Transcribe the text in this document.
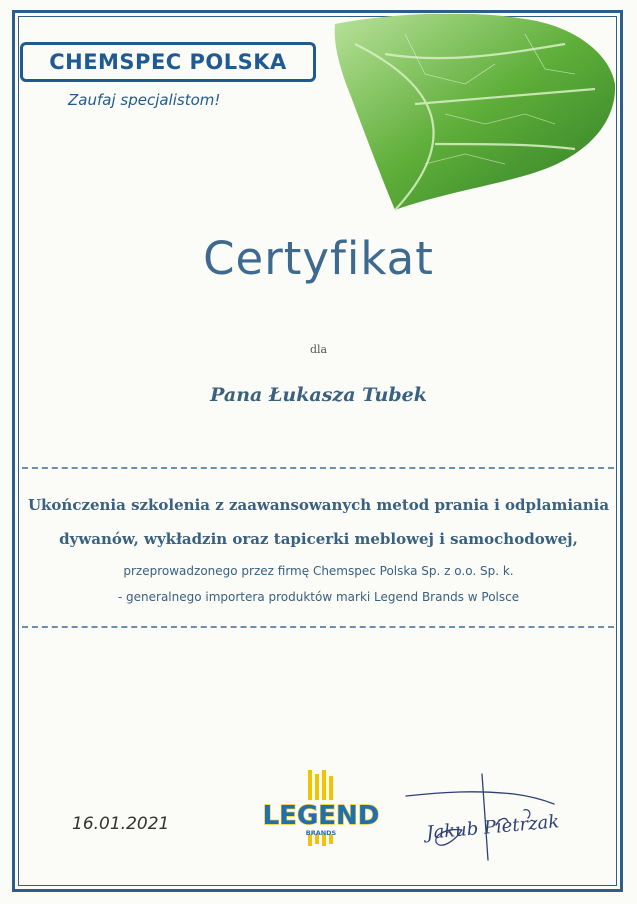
CHEMSPEC POLSKA
Zaufaj specjalistom!
Certyfikat
dla
Pana Łukasza Tubek
Ukończenia szkolenia z zaawansowanych metod prania i odplamiania
dywanów, wykładzin oraz tapicerki meblowej i samochodowej,
przeprowadzonego przez firmę Chemspec Polska Sp. z o.o. Sp. k.
- generalnego importera produktów marki Legend Brands w Polsce
16.01.2021	LEGEND
BRANDS	Jakub Pietrzak
